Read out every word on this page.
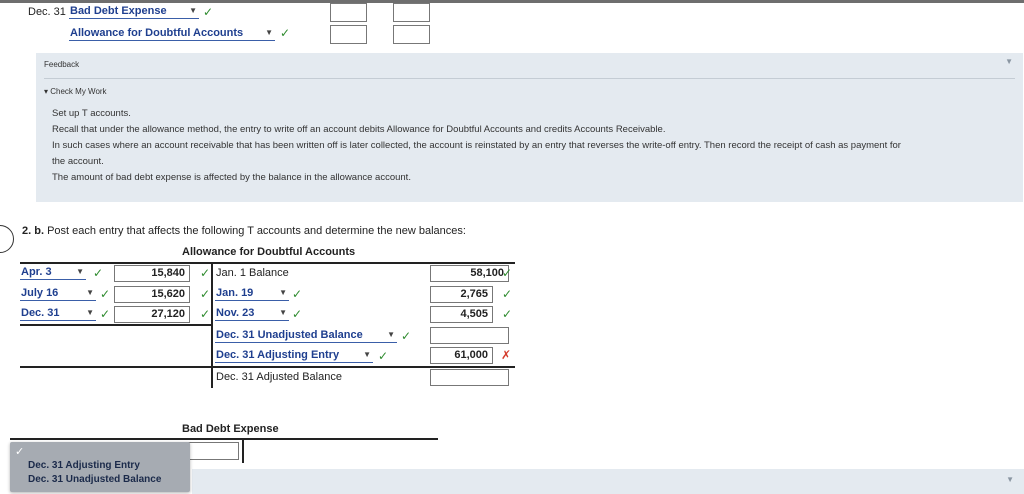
Dec. 31 Bad Debt Expense	▼ ✓
Allowance for Doubtful Accounts	▼ ✓
Feedback	▼
▾ Check My Work
Set up T accounts.
Recall that under the allowance method, the entry to write off an account debits Allowance for Doubtful Accounts and credits Accounts Receivable.
In such cases where an account receivable that has been written off is later collected, the account is reinstated by an entry that reverses the write-off entry. Then record the receipt of cash as payment for
the account.
The amount of bad debt expense is affected by the balance in the allowance account.
2. b. Post each entry that affects the following T accounts and determine the new balances:
Allowance for Doubtful Accounts
Apr. 3	▼ ✓	15,840	✓
July 16	▼ ✓	15,620	✓
Dec. 31	▼ ✓	27,120	✓
Jan. 1 Balance	58,100
✓
Jan. 19	▼ ✓	2,765	✓
Nov. 23	▼ ✓	4,505	✓
Dec. 31 Unadjusted Balance	▼ ✓
Dec. 31 Adjusting Entry	▼ ✓	61,000	✗
Dec. 31 Adjusted Balance
Bad Debt Expense
▼
✓
Dec. 31 Adjusting Entry
Dec. 31 Unadjusted Balance
